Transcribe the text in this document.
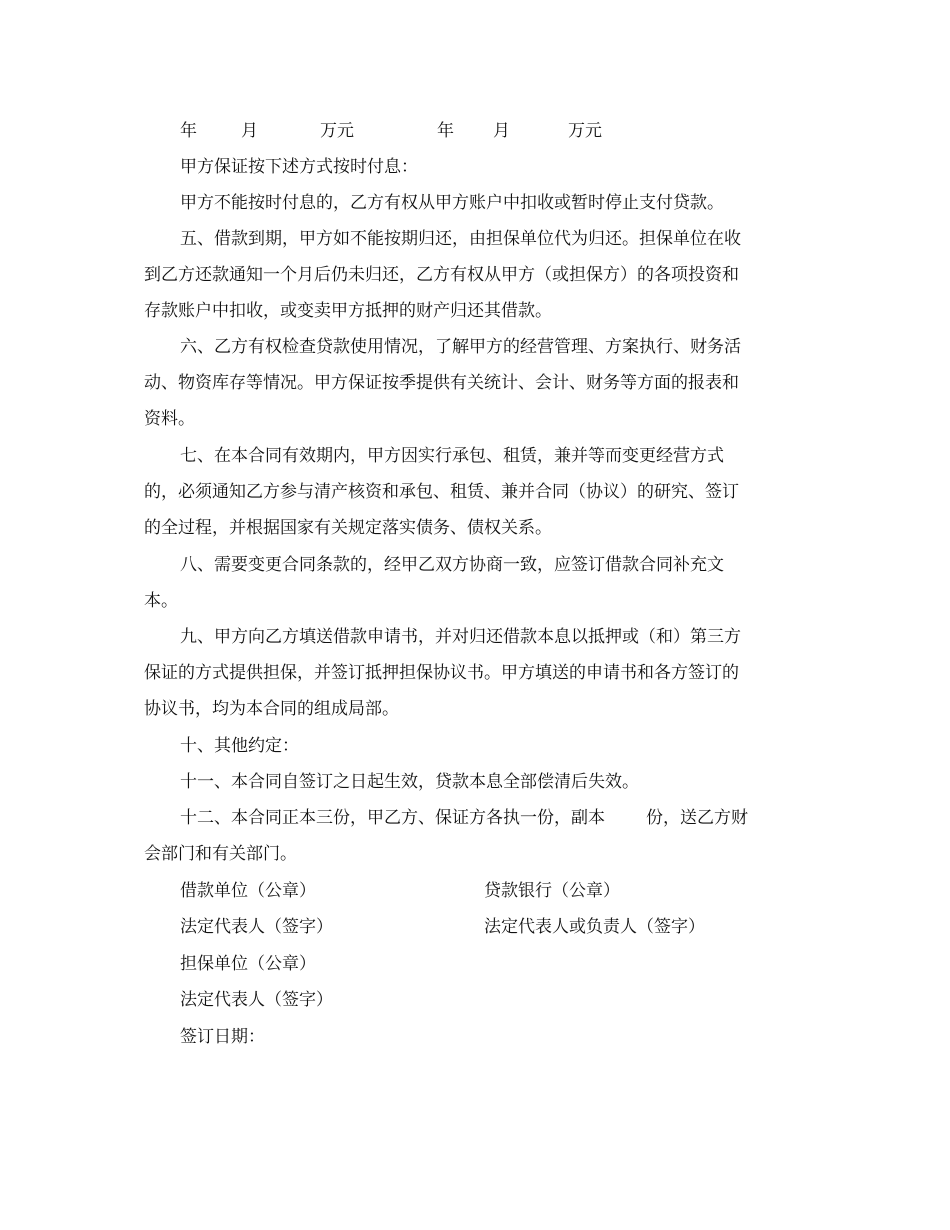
年	月	万元	年 月	万元
甲方保证按下述方式按时付息：
甲方不能按时付息的，乙方有权从甲方账户中扣收或暂时停止支付贷款。
五、借款到期，甲方如不能按期归还，由担保单位代为归还。担保单位在收
到乙方还款通知一个月后仍未归还，乙方有权从甲方（或担保方）的各项投资和
存款账户中扣收，或变卖甲方抵押的财产归还其借款。
六、乙方有权检查贷款使用情况，了解甲方的经营管理、方案执行、财务活
动、物资库存等情况。甲方保证按季提供有关统计、会计、财务等方面的报表和
资料。
七、在本合同有效期内，甲方因实行承包、租赁，兼并等而变更经营方式
的，必须通知乙方参与清产核资和承包、租赁、兼并合同（协议）的研究、签订
的全过程，并根据国家有关规定落实债务、债权关系。
八、需要变更合同条款的，经甲乙双方协商一致，应签订借款合同补充文
本。
九、甲方向乙方填送借款申请书，并对归还借款本息以抵押或（和）第三方
保证的方式提供担保，并签订抵押担保协议书。甲方填送的申请书和各方签订的
协议书，均为本合同的组成局部。
十、其他约定：
十一、本合同自签订之日起生效，贷款本息全部偿清后失效。
十二、本合同正本三份，甲乙方、保证方各执一份，副本 份，送乙方财
会部门和有关部门。
借款单位（公章）	贷款银行（公章）
法定代表人（签字）	法定代表人或负责人（签字）
担保单位（公章）
法定代表人（签字）
签订日期：
